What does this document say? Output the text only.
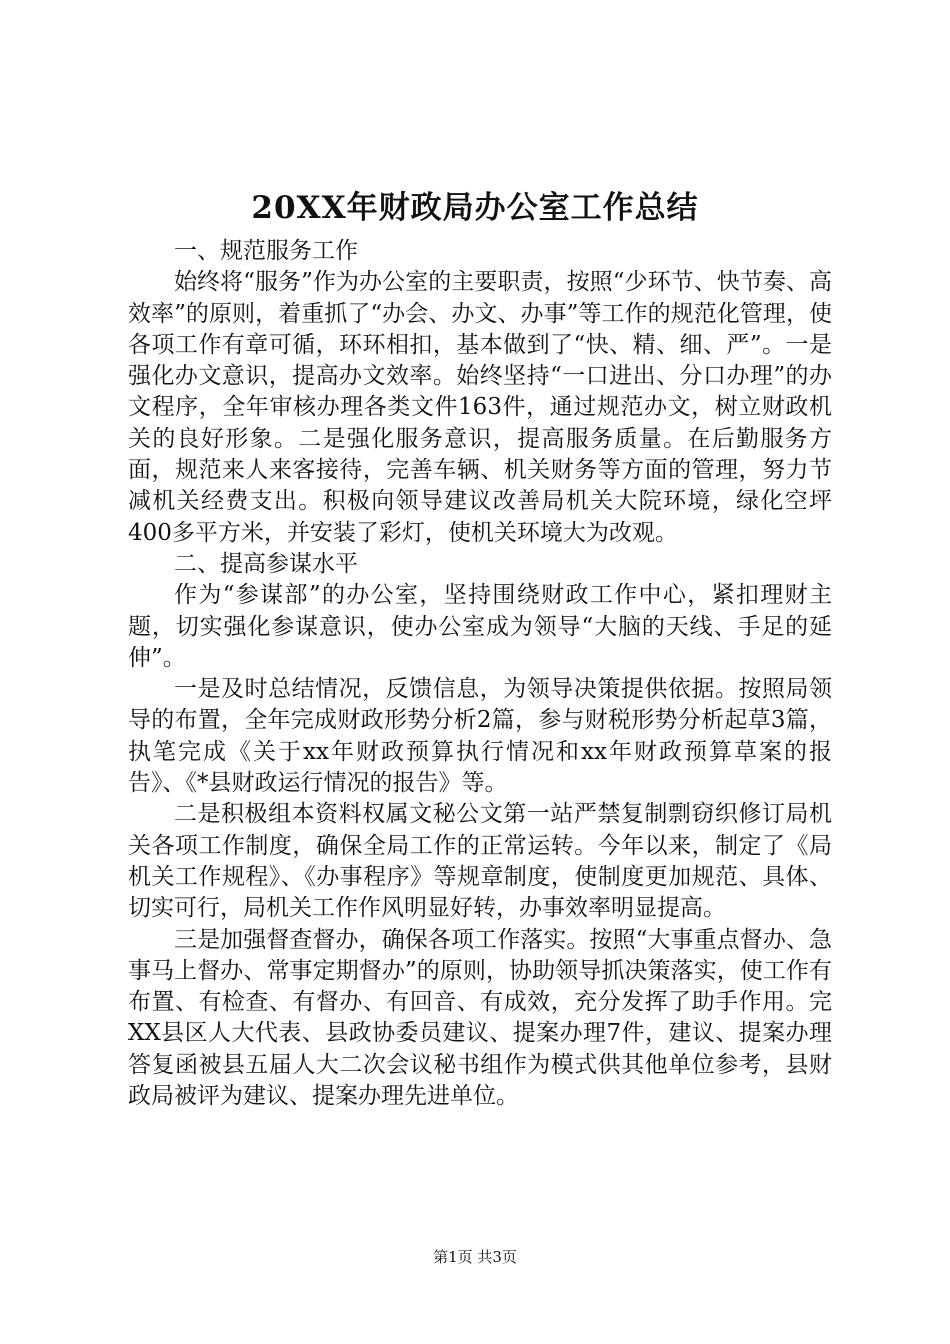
20XX年财政局办公室工作总结

一、规范服务工作

始终将“服务”作为办公室的主要职责，按照“少环节、快节奏、高效率”的原则，着重抓了“办会、办文、办事”等工作的规范化管理，使各项工作有章可循，环环相扣，基本做到了“快、精、细、严”。一是强化办文意识，提高办文效率。始终坚持“一口进出、分口办理”的办文程序，全年审核办理各类文件163件，通过规范办文，树立财政机关的良好形象。二是强化服务意识，提高服务质量。在后勤服务方面，规范来人来客接待，完善车辆、机关财务等方面的管理，努力节减机关经费支出。积极向领导建议改善局机关大院环境，绿化空坪400多平方米，并安装了彩灯，使机关环境大为改观。

二、提高参谋水平

作为“参谋部”的办公室，坚持围绕财政工作中心，紧扣理财主题，切实强化参谋意识，使办公室成为领导“大脑的天线、手足的延伸”。

一是及时总结情况，反馈信息，为领导决策提供依据。按照局领导的布置，全年完成财政形势分析2篇，参与财税形势分析起草3篇，执笔完成《关于xx年财政预算执行情况和xx年财政预算草案的报告》、《*县财政运行情况的报告》等。

二是积极组本资料权属文秘公文第一站严禁复制剽窃织修订局机关各项工作制度，确保全局工作的正常运转。今年以来，制定了《局机关工作规程》、《办事程序》等规章制度，使制度更加规范、具体、切实可行，局机关工作作风明显好转，办事效率明显提高。

三是加强督查督办，确保各项工作落实。按照“大事重点督办、急事马上督办、常事定期督办”的原则，协助领导抓决策落实，使工作有布置、有检查、有督办、有回音、有成效，充分发挥了助手作用。完XX县区人大代表、县政协委员建议、提案办理7件，建议、提案办理答复函被县五届人大二次会议秘书组作为模式供其他单位参考，县财政局被评为建议、提案办理先进单位。

第1页 共3页
